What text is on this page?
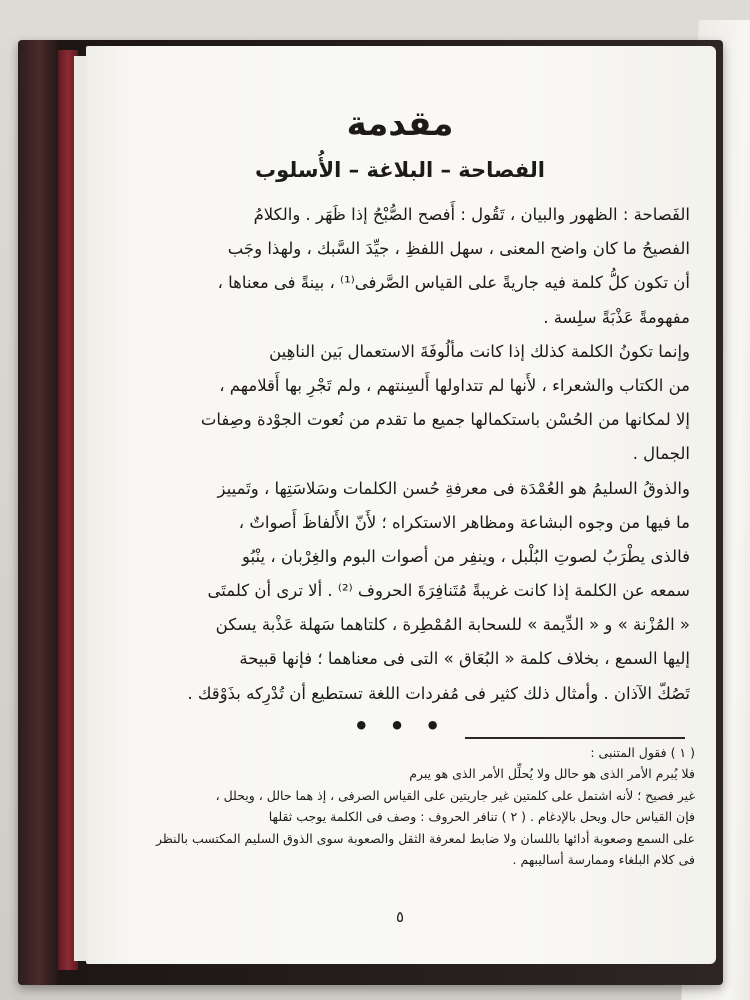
مقدمة
الفصاحة – البلاغة – الأُسلوب
الفَصاحة : الظهور والبيان ، تَقُول : أَفصح الصُّبْحُ إذا ظَهَر . والكلامُ
الفصيحُ ما كان واضح المعنى ، سهل اللفظِ ، جيِّدَ السَّبك ، ولهذا وجَب
أن تكون كلُّ كلمة فيه جاريةً على القياس الصَّرفى⁽¹⁾ ، بينةً فى معناها ،
مفهومةً عَذْبَةً سلِسة .
وإنما تكونُ الكلمة كذلك إذا كانت مألُوفَةَ الاستعمال بَين الناهِين
من الكتاب والشعراء ، لأَنها لم تتداولها أَلسِنتهم ، ولم تَجْرِ بها أَقلامهم ،
إلا لمكانها من الحُسْن باستكمالها جميع ما تقدم من نُعوت الجوْدة وصِفات
الجمال .
والذوقُ السليمُ هو العُمْدَة فى معرفةِ حُسن الكلمات وسَلاسَتِها ، وتَمييز
ما فيها من وجوه البشاعة ومظاهر الاستكراه ؛ لأَنّ الأَلفاظَ أَصواتٌ ،
فالذى يطْرَبُ لصوتِ البُلْبل ، وينفِر من أصوات البوم والغِرْبان ، ينْبُو
سمعه عن الكلمة إذا كانت غريبةً مُتَنافِرَةَ الحروف ⁽²⁾ . ألا ترى أن كلمتَى
« المُزْنة » و « الدِّيمة » للسحابة المُمْطِرة ، كلتاهما سَهلة عَذْبة يسكن
إليها السمع ، بخلاف كلمة « البُعَاق » التى فى معناهما ؛ فإنها قبيحة
تَصُكّ الآذان . وأمثال ذلك كثير فى مُفردات اللغة تستطيع أن تُدْرِكه بذَوْقك .
• • •
( ١ ) فقول المتنبى :
فلا يُبرم الأمر الذى هو حالل ولا يُحلِّل الأمر الذى هو يبرم
غير فصيح ؛ لأنه اشتمل على كلمتين غير جاريتين على القياس الصرفى ، إذ هما حالل ، ويحلل ،
فإن القياس حال ويحل بالإدغام . ( ٢ ) تنافر الحروف : وصف فى الكلمة يوجب ثقلها
على السمع وصعوبة أدائها باللسان ولا ضابط لمعرفة الثقل والصعوبة سوى الذوق السليم المكتسب بالنظر
فى كلام البلغاء وممارسة أساليبهم .
٥
